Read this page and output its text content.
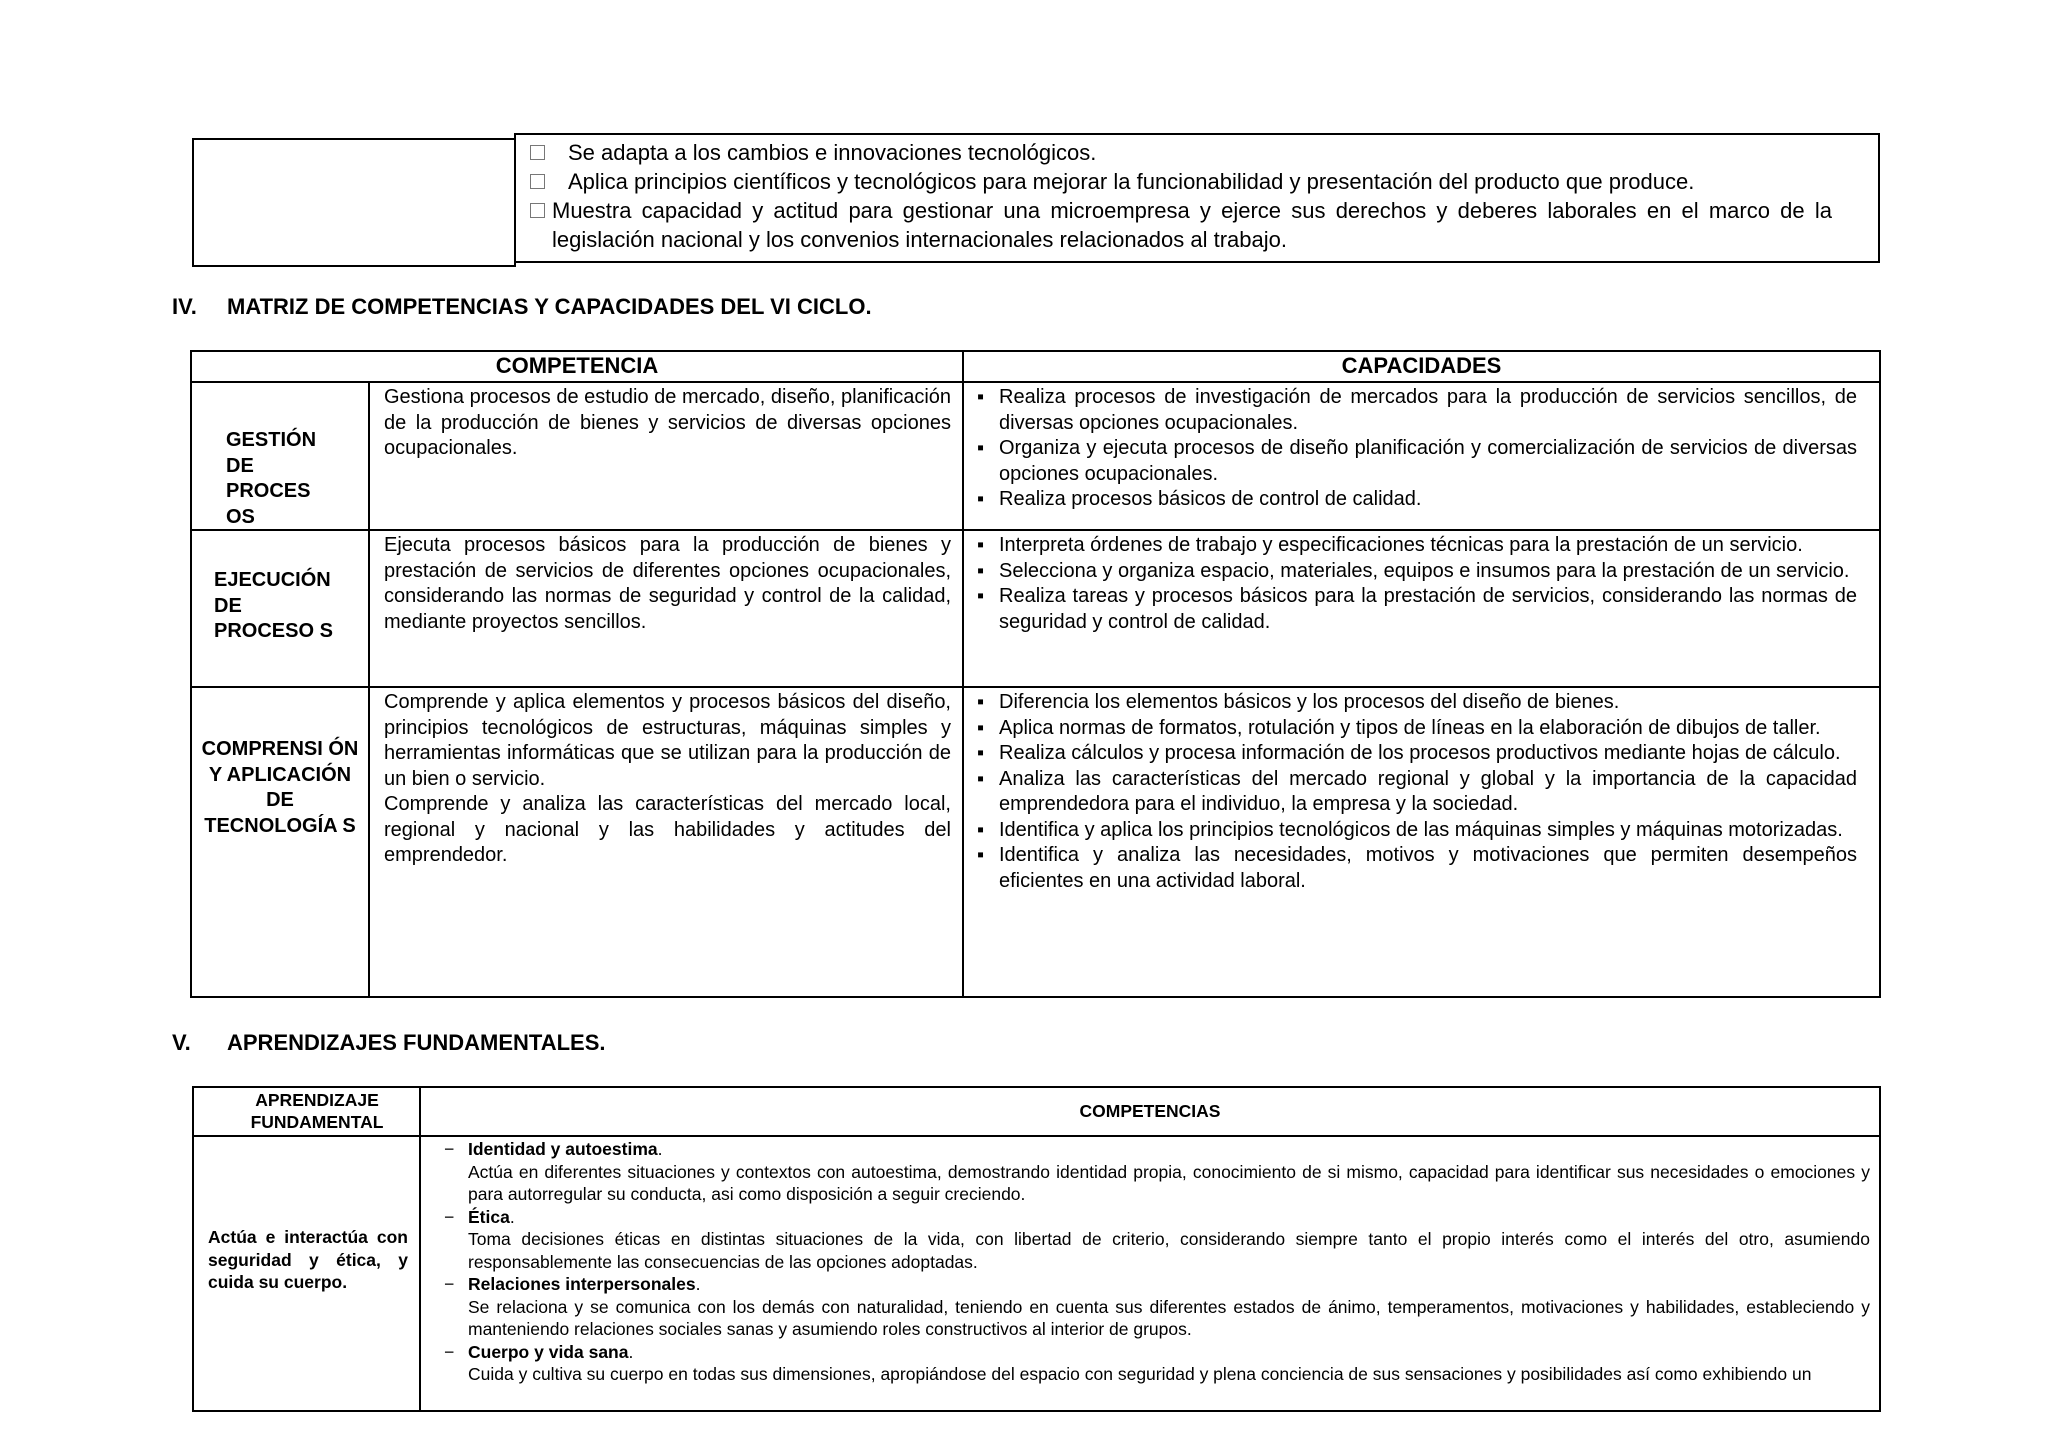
Se adapta a los cambios e innovaciones tecnológicos.
Aplica principios científicos y tecnológicos para mejorar la funcionabilidad y presentación del producto que produce.
Muestra capacidad y actitud para gestionar una microempresa y ejerce sus derechos y deberes laborales en el marco de la legislación nacional y los convenios internacionales relacionados al trabajo.
IV. MATRIZ DE COMPETENCIAS Y CAPACIDADES DEL VI CICLO.
COMPETENCIA	CAPACIDADES
GESTIÓN DE PROCES OS
Gestiona procesos de estudio de mercado, diseño, planificación de la producción de bienes y servicios de diversas opciones ocupacionales.
▪ Realiza procesos de investigación de mercados para la producción de servicios sencillos, de diversas opciones ocupacionales.
▪ Organiza y ejecuta procesos de diseño planificación y comercialización de servicios de diversas opciones ocupacionales.
▪ Realiza procesos básicos de control de calidad.
EJECUCIÓN DE PROCESO S
Ejecuta procesos básicos para la producción de bienes y prestación de servicios de diferentes opciones ocupacionales, considerando las normas de seguridad y control de la calidad, mediante proyectos sencillos.
▪ Interpreta órdenes de trabajo y especificaciones técnicas para la prestación de un servicio.
▪ Selecciona y organiza espacio, materiales, equipos e insumos para la prestación de un servicio.
▪ Realiza tareas y procesos básicos para la prestación de servicios, considerando las normas de seguridad y control de calidad.
COMPRENSI ÓN Y APLICACIÓN DE TECNOLOGÍA S
Comprende y aplica elementos y procesos básicos del diseño, principios tecnológicos de estructuras, máquinas simples y herramientas informáticas que se utilizan para la producción de un bien o servicio.
Comprende y analiza las características del mercado local, regional y nacional y las habilidades y actitudes del emprendedor.
▪ Diferencia los elementos básicos y los procesos del diseño de bienes.
▪ Aplica normas de formatos, rotulación y tipos de líneas en la elaboración de dibujos de taller.
▪ Realiza cálculos y procesa información de los procesos productivos mediante hojas de cálculo.
▪ Analiza las características del mercado regional y global y la importancia de la capacidad emprendedora para el individuo, la empresa y la sociedad.
▪ Identifica y aplica los principios tecnológicos de las máquinas simples y máquinas motorizadas.
▪ Identifica y analiza las necesidades, motivos y motivaciones que permiten desempeños eficientes en una actividad laboral.
V. APRENDIZAJES FUNDAMENTALES.
APRENDIZAJE FUNDAMENTAL
COMPETENCIAS
Actúa e interactúa con seguridad y ética, y cuida su cuerpo.
− Identidad y autoestima.
Actúa en diferentes situaciones y contextos con autoestima, demostrando identidad propia, conocimiento de si mismo, capacidad para identificar sus necesidades o emociones y para autorregular su conducta, asi como disposición a seguir creciendo.
− Ética.
Toma decisiones éticas en distintas situaciones de la vida, con libertad de criterio, considerando siempre tanto el propio interés como el interés del otro, asumiendo responsablemente las consecuencias de las opciones adoptadas.
− Relaciones interpersonales.
Se relaciona y se comunica con los demás con naturalidad, teniendo en cuenta sus diferentes estados de ánimo, temperamentos, motivaciones y habilidades, estableciendo y manteniendo relaciones sociales sanas y asumiendo roles constructivos al interior de grupos.
− Cuerpo y vida sana.
Cuida y cultiva su cuerpo en todas sus dimensiones, apropiándose del espacio con seguridad y plena conciencia de sus sensaciones y posibilidades así como exhibiendo un
